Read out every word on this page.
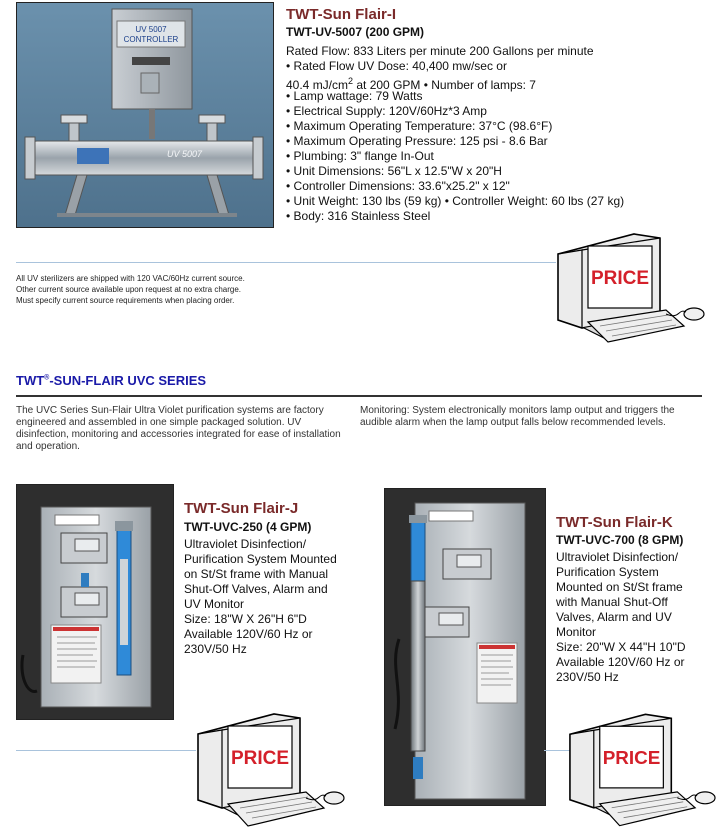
UV 5007
CONTROLLER
UV 5007
TWT-Sun Flair-I
TWT-UV-5007 (200 GPM)
Rated Flow: 833 Liters per minute 200 Gallons per minute
• Rated Flow UV Dose: 40,400 mw/sec or
40.4 $mJ/cm^2$ at 200 GPM • Number of lamps: 7
• Lamp wattage: 79 Watts
• Electrical Supply: 120V/60Hz*3 Amp
• Maximum Operating Temperature: 37°C (98.6°F)
• Maximum Operating Pressure: 125 psi - 8.6 Bar
• Plumbing: 3" flange In-Out
• Unit Dimensions: 56"L x 12.5"W x 20"H
• Controller Dimensions: 33.6"x25.2" x 12"
• Unit Weight: 130 lbs (59 kg) • Controller Weight: 60 lbs (27 kg)
• Body: 316 Stainless Steel
All UV sterilizers are shipped with 120 VAC/60Hz current source.
Other current source available upon request at no extra charge.
Must specify current source requirements when placing order.
PRICE
TWT®-SUN-FLAIR UVC SERIES
The UVC Series Sun-Flair Ultra Violet purification systems are factory engineered and assembled in one simple packaged solution. UV disinfection, monitoring and accessories integrated for ease of installation and operation.
Monitoring: System electronically monitors lamp output and triggers the audible alarm when the lamp output falls below recommended levels.
TWT-Sun Flair-J
TWT-UVC-250 (4 GPM)
Ultraviolet Disinfection/
Purification System Mounted
on St/St frame with Manual
Shut-Off Valves, Alarm and
UV Monitor
Size: 18"W X 26"H 6"D
Available 120V/60 Hz or
230V/50 Hz
PRICE
TWT-Sun Flair-K
TWT-UVC-700 (8 GPM)
Ultraviolet Disinfection/
Purification System
Mounted on St/St frame
with Manual Shut-Off
Valves, Alarm and UV
Monitor
Size: 20"W X 44"H 10"D
Available 120V/60 Hz or
230V/50 Hz
PRICE
